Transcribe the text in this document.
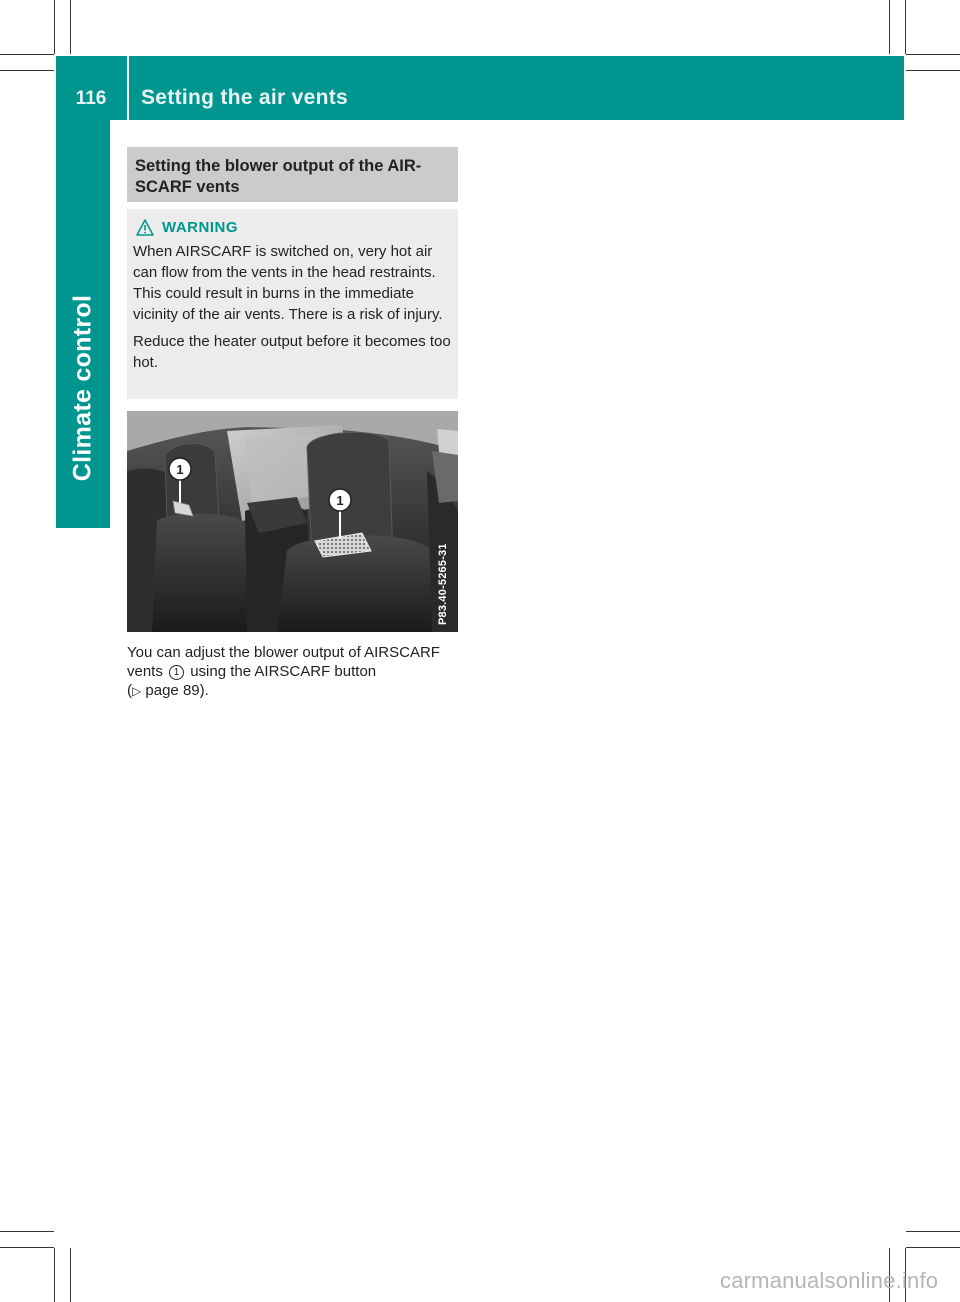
116	Setting the air vents
Climate control
Setting the blower output of the AIR-SCARF vents
WARNING

When AIRSCARF is switched on, very hot air can flow from the vents in the head restraints. This could result in burns in the immediate vicinity of the air vents. There is a risk of injury.

Reduce the heater output before it becomes too hot.

1
1
P83.40-5265-31
You can adjust the blower output of AIRSCARF vents 1 using the AIRSCARF button
(▷ page 89).
carmanualsonline.info
